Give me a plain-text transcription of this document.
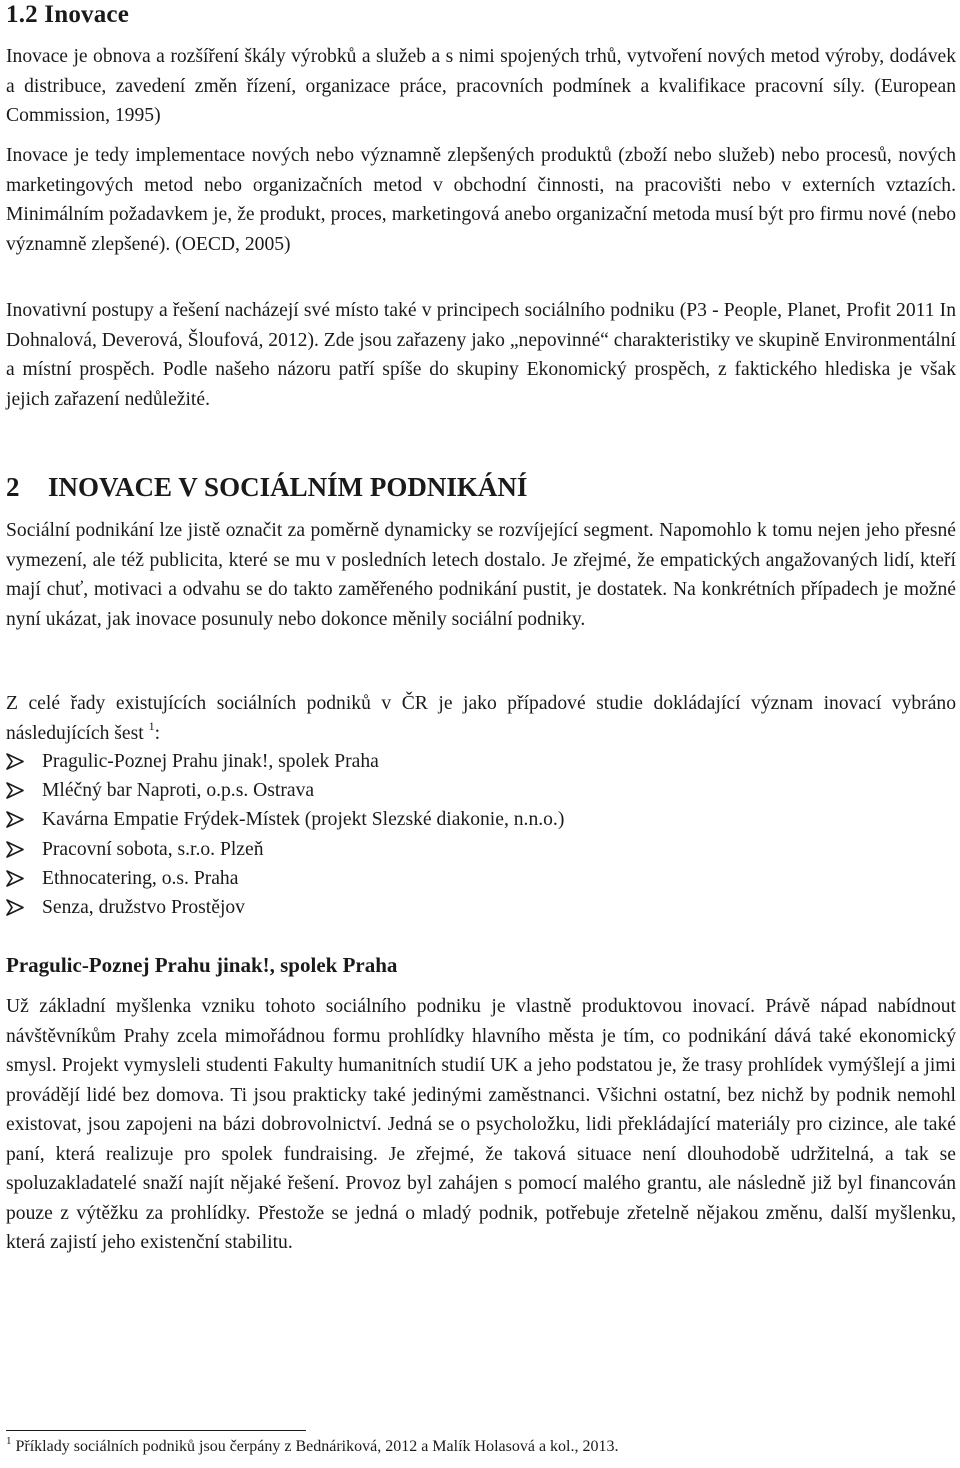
1.2 Inovace

Inovace je obnova a rozšíření škály výrobků a služeb a s nimi spojených trhů, vytvoření nových metod výroby, dodávek a distribuce, zavedení změn řízení, organizace práce, pracovních podmínek a kvalifikace pracovní síly. (European Commission, 1995)

Inovace je tedy implementace nových nebo významně zlepšených produktů (zboží nebo služeb) nebo procesů, nových marketingových metod nebo organizačních metod v obchodní činnosti, na pracovišti nebo v externích vztazích. Minimálním požadavkem je, že produkt, proces, marketingová anebo organizační metoda musí být pro firmu nové (nebo významně zlepšené). (OECD, 2005)

Inovativní postupy a řešení nacházejí své místo také v principech sociálního podniku (P3 - People, Planet, Profit 2011 In Dohnalová, Deverová, Šloufová, 2012). Zde jsou zařazeny jako „nepovinné“ charakteristiky ve skupině Environmentální a místní prospěch. Podle našeho názoru patří spíše do skupiny Ekonomický prospěch, z faktického hlediska je však jejich zařazení nedůležité.

2 INOVACE V SOCIÁLNÍM PODNIKÁNÍ

Sociální podnikání lze jistě označit za poměrně dynamicky se rozvíjející segment. Napomohlo k tomu nejen jeho přesné vymezení, ale též publicita, které se mu v posledních letech dostalo. Je zřejmé, že empatických angažovaných lidí, kteří mají chuť, motivaci a odvahu se do takto zaměřeného podnikání pustit, je dostatek. Na konkrétních případech je možné nyní ukázat, jak inovace posunuly nebo dokonce měnily sociální podniky.

Z celé řady existujících sociálních podniků v ČR je jako případové studie dokládající význam inovací vybráno následujících šest $^1$:

Pragulic-Poznej Prahu jinak!, spolek Praha
Mléčný bar Naproti, o.p.s. Ostrava
Kavárna Empatie Frýdek-Místek (projekt Slezské diakonie, n.n.o.)
Pracovní sobota, s.r.o. Plzeň
Ethnocatering, o.s. Praha
Senza, družstvo Prostějov
Pragulic-Poznej Prahu jinak!, spolek Praha

Už základní myšlenka vzniku tohoto sociálního podniku je vlastně produktovou inovací. Právě nápad nabídnout návštěvníkům Prahy zcela mimořádnou formu prohlídky hlavního města je tím, co podnikání dává také ekonomický smysl. Projekt vymysleli studenti Fakulty humanitních studií UK a jeho podstatou je, že trasy prohlídek vymýšlejí a jimi provádějí lidé bez domova. Ti jsou prakticky také jedinými zaměstnanci. Všichni ostatní, bez nichž by podnik nemohl existovat, jsou zapojeni na bázi dobrovolnictví. Jedná se o psycholožku, lidi překládající materiály pro cizince, ale také paní, která realizuje pro spolek fundraising. Je zřejmé, že taková situace není dlouhodobě udržitelná, a tak se spoluzakladatelé snaží najít nějaké řešení. Provoz byl zahájen s pomocí malého grantu, ale následně již byl financován pouze z výtěžku za prohlídky. Přestože se jedná o mladý podnik, potřebuje zřetelně nějakou změnu, další myšlenku, která zajistí jeho existenční stabilitu.

$^1$ Příklady sociálních podniků jsou čerpány z Bednáriková, 2012 a Malík Holasová a kol., 2013.
